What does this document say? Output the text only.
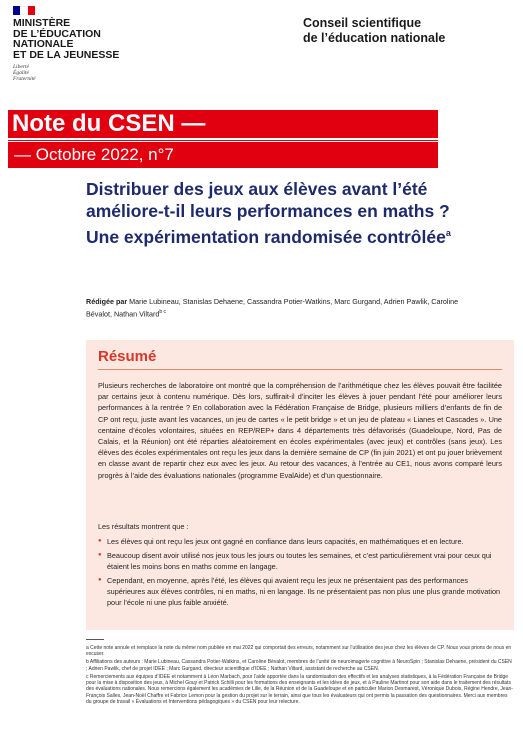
MINISTÈRE
DE L’ÉDUCATION
NATIONALE
ET DE LA JEUNESSE
Liberté
Égalité
Fraternité
Conseil scientifique
de l’éducation nationale
Note du CSEN —
— Octobre 2022, n°7
Distribuer des jeux aux élèves avant l’été améliore-t-il leurs performances en maths ? Une expérimentation randomisée contrôlée$^a$
Rédigée par Marie Lubineau, Stanislas Dehaene, Cassandra Potier-Watkins, Marc Gurgand, Adrien Pawlik, Caroline Bévalot, Nathan Viltard$^{b c}$
Résumé

Plusieurs recherches de laboratoire ont montré que la compréhension de l’arithmétique chez les élèves pouvait être facilitée par certains jeux à contenu numérique. Dès lors, suffirait-il d’inciter les élèves à jouer pendant l’été pour améliorer leurs performances à la rentrée ? En collaboration avec la Fédération Française de Bridge, plusieurs milliers d’enfants de fin de CP ont reçu, juste avant les vacances, un jeu de cartes « le petit bridge » et un jeu de plateau « Lianes et Cascades ». Une centaine d’écoles volontaires, situées en REP/REP+ dans 4 départements très défavorisés (Guadeloupe, Nord, Pas de Calais, et la Réunion) ont été réparties aléatoirement en écoles expérimentales (avec jeux) et contrôles (sans jeux). Les élèves des écoles expérimentales ont reçu les jeux dans la dernière semaine de CP (fin juin 2021) et ont pu jouer brièvement en classe avant de repartir chez eux avec les jeux. Au retour des vacances, à l’entrée au CE1, nous avons comparé leurs progrès à l’aide des évaluations nationales (programme EvalAide) et d’un questionnaire.

Les résultats montrent que :

● Les élèves qui ont reçu les jeux ont gagné en confiance dans leurs capacités, en mathématiques et en lecture.
● Beaucoup disent avoir utilisé nos jeux tous les jours ou toutes les semaines, et c’est particulièrement vrai pour ceux qui étaient les moins bons en maths comme en langage.
● Cependant, en moyenne, après l’été, les élèves qui avaient reçu les jeux ne présentaient pas des performances supérieures aux élèves contrôles, ni en maths, ni en langage. Ils ne présentaient pas non plus une plus grande motivation pour l’école ni une plus faible anxiété.

a Cette note annule et remplace la note du même nom publiée en mai 2022 qui comportait des erreurs, notamment sur l’utilisation des jeux chez les élèves de CP. Nous vous prions de nous en excuser.

b Affiliations des auteurs : Marie Lubineau, Cassandra Potier-Watkins, et Caroline Bévalot, membres de l’unité de neuroimagerie cognitive à NeuroSpin ; Stanislas Dehaene, président du CSEN ; Adrien Pawlik, chef de projet IDEE ; Marc Gurgand, directeur scientifique d’IDEE ; Nathan Viltard, assistant de recherche au CSEN.

c Remerciements aux équipes d’IDEE et notamment à Léon Marbach, pour l’aide apportée dans la randomisation des effectifs et les analyses statistiques, à la Fédération Française de Bridge pour la mise à disposition des jeux, à Michel Gouy et Patrick Schilli pour les formations des enseignants et les idées de jeux, et à Pauline Martinot pour son aide dans le traitement des résultats des évaluations nationales. Nous remercions également les académies de Lille, de la Réunion et de la Guadeloupe et en particulier Marion Desmarest, Véronique Dubois, Régine Hendre, Jean-François Salles, Jean-Noël Chaffre et Fabrice Lemon pour la gestion du projet sur le terrain, ainsi que tous les évaluateurs qui ont permis la passation des questionnaires. Merci aux membres du groupe de travail « Évaluations et Interventions pédagogiques » du CSEN pour leur relecture.
